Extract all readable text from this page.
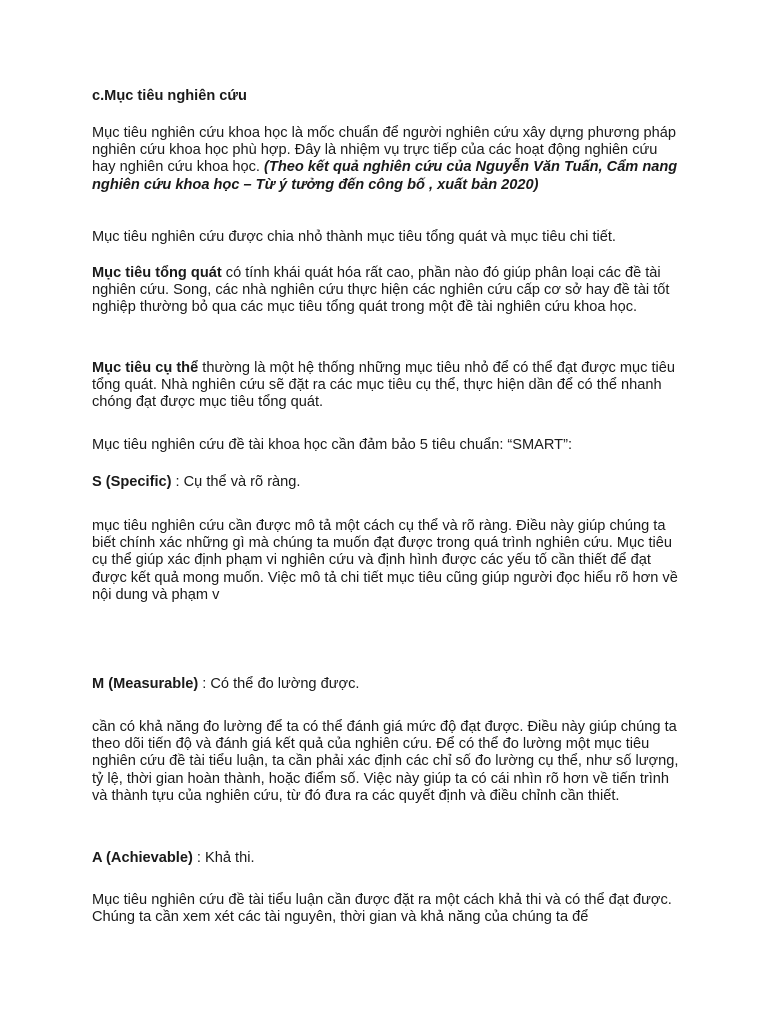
c.Mục tiêu nghiên cứu

Mục tiêu nghiên cứu khoa học là mốc chuẩn để người nghiên cứu xây dựng phương pháp nghiên cứu khoa học phù hợp. Đây là nhiệm vụ trực tiếp của các hoạt động nghiên cứu hay nghiên cứu khoa học. (Theo kết quả nghiên cứu của Nguyễn Văn Tuấn, Cẩm nang nghiên cứu khoa học – Từ ý tưởng đến công bố , xuất bản 2020)

Mục tiêu nghiên cứu được chia nhỏ thành mục tiêu tổng quát và mục tiêu chi tiết.

Mục tiêu tổng quát có tính khái quát hóa rất cao, phần nào đó giúp phân loại các đề tài nghiên cứu. Song, các nhà nghiên cứu thực hiện các nghiên cứu cấp cơ sở hay đề tài tốt nghiệp thường bỏ qua các mục tiêu tổng quát trong một đề tài nghiên cứu khoa học.

Mục tiêu cụ thể thường là một hệ thống những mục tiêu nhỏ để có thể đạt được mục tiêu tổng quát. Nhà nghiên cứu sẽ đặt ra các mục tiêu cụ thể, thực hiện dần để có thể nhanh chóng đạt được mục tiêu tổng quát.

Mục tiêu nghiên cứu đề tài khoa học cần đảm bảo 5 tiêu chuẩn: “SMART”:

S (Specific) : Cụ thể và rõ ràng.

mục tiêu nghiên cứu cần được mô tả một cách cụ thể và rõ ràng. Điều này giúp chúng ta biết chính xác những gì mà chúng ta muốn đạt được trong quá trình nghiên cứu. Mục tiêu cụ thể giúp xác định phạm vi nghiên cứu và định hình được các yếu tố cần thiết để đạt được kết quả mong muốn. Việc mô tả chi tiết mục tiêu cũng giúp người đọc hiểu rõ hơn về nội dung và phạm v

M (Measurable) : Có thể đo lường được.

cần có khả năng đo lường để ta có thể đánh giá mức độ đạt được. Điều này giúp chúng ta theo dõi tiến độ và đánh giá kết quả của nghiên cứu. Để có thể đo lường một mục tiêu nghiên cứu đề tài tiểu luận, ta cần phải xác định các chỉ số đo lường cụ thể, như số lượng, tỷ lệ, thời gian hoàn thành, hoặc điểm số. Việc này giúp ta có cái nhìn rõ hơn về tiến trình và thành tựu của nghiên cứu, từ đó đưa ra các quyết định và điều chỉnh cần thiết.

A (Achievable) : Khả thi.

Mục tiêu nghiên cứu đề tài tiểu luận cần được đặt ra một cách khả thi và có thể đạt được. Chúng ta cần xem xét các tài nguyên, thời gian và khả năng của chúng ta để
